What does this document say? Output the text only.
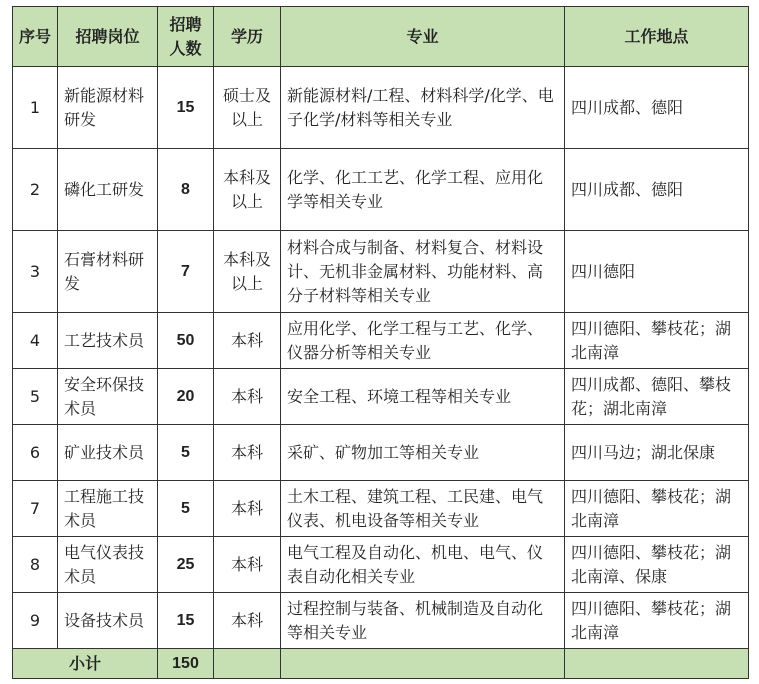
序号	招聘岗位	招聘人数	学历	专业	工作地点
1	新能源材料研发	15	硕士及以上	新能源材料/工程、材料科学/化学、电子化学/材料等相关专业	四川成都、德阳
2	磷化工研发	8	本科及以上	化学、化工工艺、化学工程、应用化学等相关专业	四川成都、德阳
3	石膏材料研发	7	本科及以上	材料合成与制备、材料复合、材料设计、无机非金属材料、功能材料、高分子材料等相关专业	四川德阳
4	工艺技术员	50	本科	应用化学、化学工程与工艺、化学、仪器分析等相关专业	四川德阳、攀枝花；湖北南漳
5	安全环保技术员	20	本科	安全工程、环境工程等相关专业	四川成都、德阳、攀枝花；湖北南漳
6	矿业技术员	5	本科	采矿、矿物加工等相关专业	四川马边；湖北保康
7	工程施工技术员	5	本科	土木工程、建筑工程、工民建、电气仪表、机电设备等相关专业	四川德阳、攀枝花；湖北南漳
8	电气仪表技术员	25	本科	电气工程及自动化、机电、电气、仪表自动化相关专业	四川德阳、攀枝花；湖北南漳、保康
9	设备技术员	15	本科	过程控制与装备、机械制造及自动化等相关专业	四川德阳、攀枝花；湖北南漳
小计		150			
